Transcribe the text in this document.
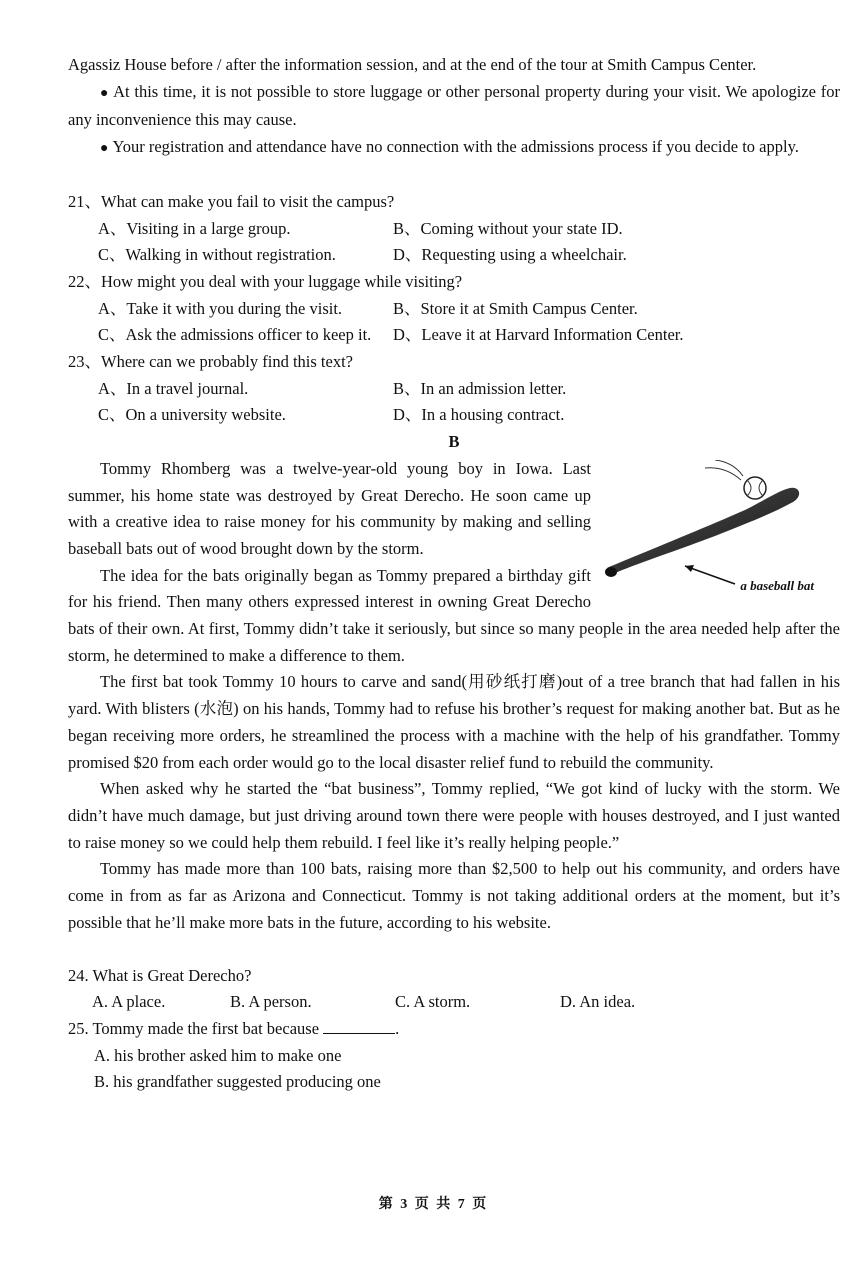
Agassiz House before / after the information session, and at the end of the tour at Smith Campus Center.

● At this time, it is not possible to store luggage or other personal property during your visit. We apologize for any inconvenience this may cause.

● Your registration and attendance have no connection with the admissions process if you decide to apply.

21、What can make you fail to visit the campus?

A、Visiting in a large group.	B、Coming without your state ID.
C、Walking in without registration.	D、Requesting using a wheelchair.

22、How might you deal with your luggage while visiting?

A、Take it with you during the visit.	B、Store it at Smith Campus Center.
C、Ask the admissions officer to keep it.	D、Leave it at Harvard Information Center.

23、Where can we probably find this text?

A、In a travel journal.	B、In an admission letter.
C、On a university website.	D、In a housing contract.

B

a baseball bat

Tommy Rhomberg was a twelve-year-old young boy in Iowa. Last summer, his home state was destroyed by Great Derecho. He soon came up with a creative idea to raise money for his community by making and selling baseball bats out of wood brought down by the storm.

The idea for the bats originally began as Tommy prepared a birthday gift for his friend. Then many others expressed interest in owning Great Derecho bats of their own. At first, Tommy didn’t take it seriously, but since so many people in the area needed help after the storm, he determined to make a difference to them.

The first bat took Tommy 10 hours to carve and sand(用砂纸打磨)out of a tree branch that had fallen in his yard. With blisters (水泡) on his hands, Tommy had to refuse his brother’s request for making another bat. But as he began receiving more orders, he streamlined the process with a machine with the help of his grandfather. Tommy promised $20 from each order would go to the local disaster relief fund to rebuild the community.

When asked why he started the “bat business”, Tommy replied, “We got kind of lucky with the storm. We didn’t have much damage, but just driving around town there were people with houses destroyed, and I just wanted to raise money so we could help them rebuild. I feel like it’s really helping people.”

Tommy has made more than 100 bats, raising more than $2,500 to help out his community, and orders have come in from as far as Arizona and Connecticut. Tommy is not taking additional orders at the moment, but it’s possible that he’ll make more bats in the future, according to his website.

24. What is Great Derecho?

A. A place.	B. A person.	C. A storm.	D. An idea.

25. Tommy made the first bat because	.

A. his brother asked him to make one

B. his grandfather suggested producing one

第 3 页 共 7 页
